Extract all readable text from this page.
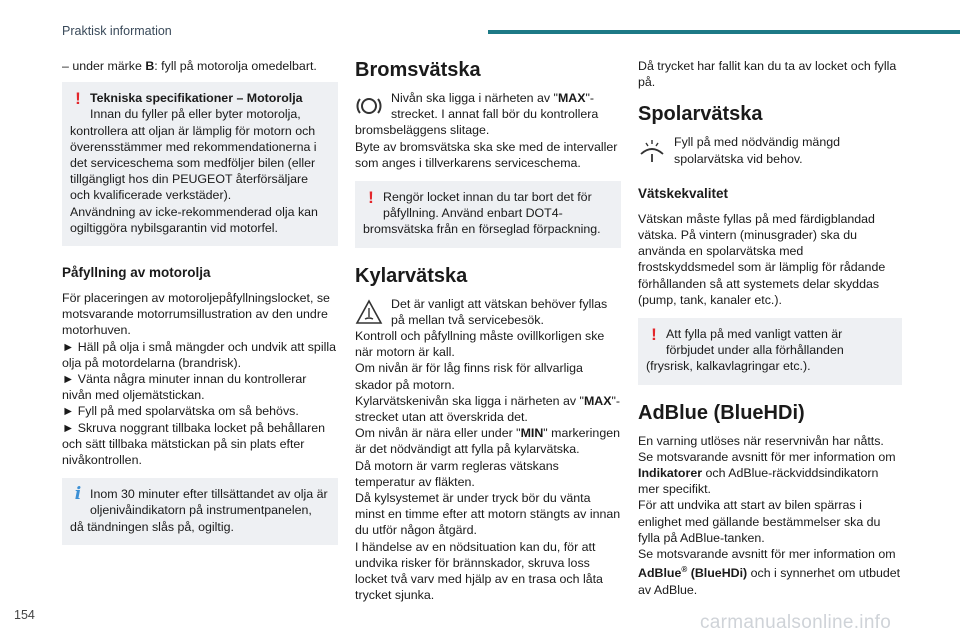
Praktisk information

– under märke B: fyll på motorolja omedelbart.

! Tekniska specifikationer – Motorolja Innan du fyller på eller byter motorolja, kontrollera att oljan är lämplig för motorn och överensstämmer med rekommendationerna i det serviceschema som medföljer bilen (eller tillgängligt hos din PEUGEOT återförsäljare och kvalificerade verkstäder).
Användning av icke-rekommenderad olja kan ogiltiggöra nybilsgarantin vid motorfel.

Påfyllning av motorolja

För placeringen av motoroljepåfyllningslocket, se motsvarande motorrumsillustration av den undre motorhuven.

► Häll på olja i små mängder och undvik att spilla olja på motordelarna (brandrisk).

► Vänta några minuter innan du kontrollerar nivån med oljemätstickan.

► Fyll på med spolarvätska om så behövs.

► Skruva noggrant tillbaka locket på behållaren och sätt tillbaka mätstickan på sin plats efter nivåkontrollen.

i Inom 30 minuter efter tillsättandet av olja är oljenivåindikatorn på instrumentpanelen, då tändningen slås på, ogiltig.

Bromsvätska

Nivån ska ligga i närheten av "MAX"-strecket. I annat fall bör du kontrollera bromsbeläggens slitage.
Byte av bromsvätska ska ske med de intervaller som anges i tillverkarens serviceschema.

! Rengör locket innan du tar bort det för påfyllning. Använd enbart DOT4-bromsvätska från en förseglad förpackning.

Kylarvätska

Det är vanligt att vätskan behöver fyllas på mellan två servicebesök.

Kontroll och påfyllning måste ovillkorligen ske när motorn är kall.
Om nivån är för låg finns risk för allvarliga skador på motorn.
Kylarvätskenivån ska ligga i närheten av "MAX"-strecket utan att överskrida det.
Om nivån är nära eller under "MIN" markeringen är det nödvändigt att fylla på kylarvätska.
Då motorn är varm regleras vätskans temperatur av fläkten.
Då kylsystemet är under tryck bör du vänta minst en timme efter att motorn stängts av innan du utför någon åtgärd.
I händelse av en nödsituation kan du, för att undvika risker för brännskador, skruva loss locket två varv med hjälp av en trasa och låta trycket sjunka.

Då trycket har fallit kan du ta av locket och fylla på.

Spolarvätska

Fyll på med nödvändig mängd spolarvätska vid behov.

Vätskekvalitet

Vätskan måste fyllas på med färdigblandad vätska. På vintern (minusgrader) ska du använda en spolarvätska med frostskyddsmedel som är lämplig för rådande förhållanden så att systemets delar skyddas (pump, tank, kanaler etc.).

! Att fylla på med vanligt vatten är förbjudet under alla förhållanden (frysrisk, kalkavlagringar etc.).

AdBlue (BlueHDi)

En varning utlöses när reservnivån har nåtts.
Se motsvarande avsnitt för mer information om Indikatorer och AdBlue-räckviddsindikatorn mer specifikt.
För att undvika att start av bilen spärras i enlighet med gällande bestämmelser ska du fylla på AdBlue-tanken.
Se motsvarande avsnitt för mer information om AdBlue® (BlueHDi) och i synnerhet om utbudet av AdBlue.

154	carmanualsonline.info
